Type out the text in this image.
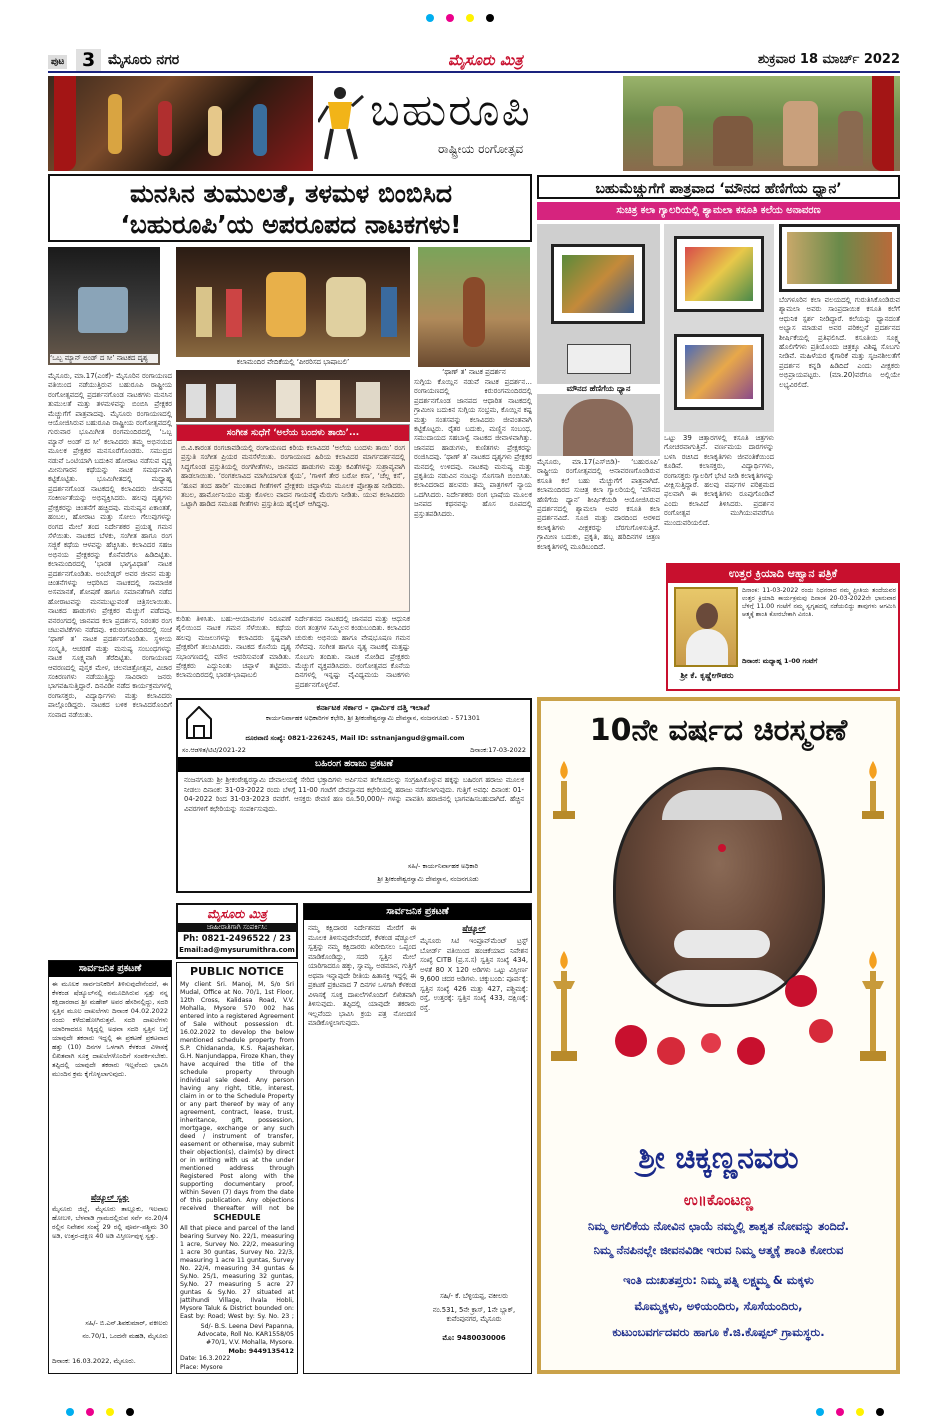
ಪುಟ 3 ಮೈಸೂರು ನಗರ	ಮೈಸೂರು ಮಿತ್ರ	ಶುಕ್ರವಾರ 18 ಮಾರ್ಚ್ 2022
ಬಹುರೂಪಿ
ರಾಷ್ಟ್ರೀಯ ರಂಗೋತ್ಸವ
ಮನಸಿನ ತುಮುಲತೆ, ತಳಮಳ ಬಿಂಬಿಸಿದ
‘ಬಹುರೂಪಿ’ಯ ಅಪರೂಪದ ನಾಟಕಗಳು!
‘ಒಬ್ಬ ಮ್ಯಾನ್ ಅಂಡ್ ದ ಸೀ’ ನಾಟಕದ ದೃಶ್ಯ	ಕಲಾಮಂದಿರ ವೇದಿಕೆಯಲ್ಲಿ ‘ಪೀರರಿಸದ ಭಾಷಾಬಲಿ’
‘ಥಾಣ್ ತ’ ನಾಟಕ ಪ್ರದರ್ಶನ
ಮೈಸೂರು, ಮಾ.17(ಎಂಕೆ)- ಮೈಸೂರಿನ ರಂಗಾಯಣದ ವತಿಯಿಂದ ನಡೆಯುತ್ತಿರುವ ಬಹುರೂಪಿ ರಾಷ್ಟ್ರೀಯ ರಂಗೋತ್ಸವದಲ್ಲಿ ಪ್ರದರ್ಶನಗೊಂಡ ನಾಟಕಗಳು ಮನಸಿನ ತುಮುಲತೆ ಮತ್ತು ತಳಮಳವನ್ನು ಬಿಂಬಿಸಿ ಪ್ರೇಕ್ಷಕರ ಮೆಚ್ಚುಗೆಗೆ ಪಾತ್ರವಾದವು. ಮೈಸೂರು ರಂಗಾಯಣದಲ್ಲಿ ಆಯೋಜಿಸಿರುವ ಬಹುರೂಪಿ ರಾಷ್ಟ್ರೀಯ ರಂಗೋತ್ಸವದಲ್ಲಿ ಗುರುವಾರ ಭೂಮಿಗೀತ ರಂಗಮಂದಿರದಲ್ಲಿ ‘ಒಬ್ಬ ಮ್ಯಾನ್ ಅಂಡ್ ದ ಸೀ’ ಕಲಾವಿದರು ತಮ್ಮ ಅಭಿನಯದ ಮೂಲಕ ಪ್ರೇಕ್ಷಕರ ಮನಸೂರೆಗೊಂಡರು. ಸಮುದ್ರದ ನಡುವೆ ಒಂಟಿಯಾಗಿ ಬದುಕಿನ ಹೋರಾಟ ನಡೆಸುವ ವೃದ್ಧ ಮೀನುಗಾರನ ಕಥೆಯನ್ನು ನಾಟಕ ಸಮರ್ಥವಾಗಿ ಕಟ್ಟಿಕೊಟ್ಟಿತು. ಭೂಮಿಗೀತದಲ್ಲಿ ಮಧ್ಯಾಹ್ನ ಪ್ರದರ್ಶನಗೊಂಡ ನಾಟಕದಲ್ಲಿ ಕಲಾವಿದರು ಜೀವನದ ಸಂಕೀರ್ಣತೆಯನ್ನು ಅಭಿವ್ಯಕ್ತಿಸಿದರು. ಹಲವು ದೃಶ್ಯಗಳು ಪ್ರೇಕ್ಷಕರನ್ನು ಚಿಂತನೆಗೆ ಹಚ್ಚಿದವು. ಮನುಷ್ಯನ ಏಕಾಂತತೆ, ಹಂಬಲ, ಹೋರಾಟ ಮತ್ತು ಸೋಲು ಗೆಲುವುಗಳನ್ನು ರಂಗದ ಮೇಲೆ ತಂದ ನಿರ್ದೇಶಕರ ಪ್ರಯತ್ನ ಗಮನ ಸೆಳೆಯಿತು. ನಾಟಕದ ಬೆಳಕು, ಸಂಗೀತ ಹಾಗೂ ರಂಗ ಸಜ್ಜಿಕೆ ಕಥೆಯ ಆಳವನ್ನು ಹೆಚ್ಚಿಸಿತು. ಕಲಾವಿದರ ಸಹಜ ಅಭಿನಯ ಪ್ರೇಕ್ಷಕರನ್ನು ಕೊನೆವರೆಗೂ ಹಿಡಿದಿಟ್ಟಿತು. ಕಲಾಮಂದಿರದಲ್ಲಿ ‘ಭಾರತ ಭಾಗ್ಯವಿಧಾತ’ ನಾಟಕ ಪ್ರದರ್ಶನಗೊಂಡಿತು. ಅಂಬೇಡ್ಕರ್ ಅವರ ಜೀವನ ಮತ್ತು ಚಿಂತನೆಗಳನ್ನು ಆಧರಿಸಿದ ನಾಟಕದಲ್ಲಿ ಸಾಮಾಜಿಕ ಅಸಮಾನತೆ, ಶೋಷಣೆ ಹಾಗೂ ಸಮಾನತೆಗಾಗಿ ನಡೆದ ಹೋರಾಟವನ್ನು ಮನಮುಟ್ಟುವಂತೆ ಚಿತ್ರಿಸಲಾಯಿತು. ನಾಟಕದ ಹಾಡುಗಳು ಪ್ರೇಕ್ಷಕರ ಮೆಚ್ಚುಗೆ ಪಡೆದವು. ವನರಂಗದಲ್ಲಿ ಜಾನಪದ ಕಲಾ ಪ್ರದರ್ಶನ, ನಿರಂತರ ರಂಗ ಚಟುವಟಿಕೆಗಳು ನಡೆದವು. ಕಿರುರಂಗಮಂದಿರದಲ್ಲಿ ಸಂಜೆ ‘ಥಾಣ್ ತ’ ನಾಟಕ ಪ್ರದರ್ಶನಗೊಂಡಿತು. ಸ್ಥಳೀಯ ಸಂಸ್ಕೃತಿ, ಆಚರಣೆ ಮತ್ತು ಮನುಷ್ಯ ಸಂಬಂಧಗಳನ್ನು ನಾಟಕ ಸೂಕ್ಷ್ಮವಾಗಿ ತೆರೆದಿಟ್ಟಿತು. ರಂಗಾಯಣದ ಆವರಣದಲ್ಲಿ ಪುಸ್ತಕ ಮೇಳ, ಚಲನಚಿತ್ರೋತ್ಸವ, ವಿಚಾರ ಸಂಕಿರಣಗಳು ನಡೆಯುತ್ತಿದ್ದು ಸಾವಿರಾರು ಜನರು ಭಾಗವಹಿಸುತ್ತಿದ್ದಾರೆ. ದಿನವಿಡೀ ನಡೆದ ಕಾರ್ಯಕ್ರಮಗಳಲ್ಲಿ ರಂಗಾಸಕ್ತರು, ವಿದ್ಯಾರ್ಥಿಗಳು ಮತ್ತು ಕಲಾವಿದರು ಪಾಲ್ಗೊಂಡಿದ್ದರು. ನಾಟಕದ ಬಳಿಕ ಕಲಾವಿದರೊಂದಿಗೆ ಸಂವಾದ ನಡೆಯಿತು.
ಸಂಗೀತ ಸುಧೆಗೆ ‘ಅಲೆಯ ಬಂದಳು ತಾಯಿ’...
ಬಿ.ವಿ.ಕಾರಂತ ರಂಗಚಾವಡಿಯಲ್ಲಿ ರಂಗಾಯಣದ ಕಿರಿಯ ಕಲಾವಿದರ ‘ಅಲೆಯ ಬಂದಳು ತಾಯಿ’ ರಂಗ ಪ್ರಸ್ತುತಿ ಸಂಗೀತ ಪ್ರಿಯರ ಮನಸೆಳೆಯಿತು. ರಂಗಾಯಣದ ಹಿರಿಯ ಕಲಾವಿದರ ಮಾರ್ಗದರ್ಶನದಲ್ಲಿ ಸಿದ್ಧಗೊಂಡ ಪ್ರಸ್ತುತಿಯಲ್ಲಿ ರಂಗಗೀತೆಗಳು, ಜಾನಪದ ಹಾಡುಗಳು ಮತ್ತು ಕವಿತೆಗಳನ್ನು ಸುಶ್ರಾವ್ಯವಾಗಿ ಹಾಡಲಾಯಿತು. ‘ರಂಗಕಲಾವಿದ ಮಾಗಿಯಾಗುತ ಕೈಯ’, ‘ಗಾಳಿಗೆ ತೇರ ಬರೋ ಕಸಾ’, ‘ಚೆಲ್ಲ ಕಸೆ’, ‘ಹೂವ ತಂದ ಹಾರೀ’ ಮುಂತಾದ ಗೀತೆಗಳಿಗೆ ಪ್ರೇಕ್ಷಕರು ಚಪ್ಪಾಳೆಯ ಮೂಲಕ ಪ್ರೋತ್ಸಾಹ ನೀಡಿದರು. ತಬಲ, ಹಾರ್ಮೋನಿಯಂ ಮತ್ತು ಕೊಳಲು ವಾದನ ಗಾಯನಕ್ಕೆ ಮೆರುಗು ನೀಡಿತು. ಯುವ ಕಲಾವಿದರು ಒಟ್ಟಾಗಿ ಹಾಡಿದ ಸಮೂಹ ಗೀತೆಗಳು ಪ್ರಸ್ತುತಿಯ ಹೈಲೈಟ್ ಆಗಿದ್ದವು.
ಸುಗ್ಗಿಯ ಕೊಯ್ಲಿನ ನಡುವೆ ನಾಟಕ ಪ್ರದರ್ಶನ... ರಂಗಾಯಣದಲ್ಲಿ ಕಿರುರಂಗಮಂದಿರದಲ್ಲಿ ಪ್ರದರ್ಶನಗೊಂಡ ಜಾನಪದ ಆಧಾರಿತ ನಾಟಕದಲ್ಲಿ ಗ್ರಾಮೀಣ ಬದುಕಿನ ಸುಗ್ಗಿಯ ಸಂಭ್ರಮ, ಕೊಯ್ಲಿನ ಕಷ್ಟ ಮತ್ತು ಸಂತಸವನ್ನು ಕಲಾವಿದರು ಜೀವಂತವಾಗಿ ಕಟ್ಟಿಕೊಟ್ಟರು. ರೈತರ ಬದುಕು, ಮಣ್ಣಿನ ಸಂಬಂಧ, ಸಮುದಾಯದ ಸಹಬಾಳ್ವೆ ನಾಟಕದ ಜೀವಾಳವಾಗಿತ್ತು. ಜಾನಪದ ಹಾಡುಗಳು, ಕುಣಿತಗಳು ಪ್ರೇಕ್ಷಕರನ್ನು ರಂಜಿಸಿದವು. ‘ಥಾಣ್ ತ’ ನಾಟಕದ ದೃಶ್ಯಗಳು ಪ್ರೇಕ್ಷಕರ ಮನದಲ್ಲಿ ಉಳಿದವು. ನಾಟಕವು ಮನುಷ್ಯ ಮತ್ತು ಪ್ರಕೃತಿಯ ನಡುವಿನ ನಂಟನ್ನು ಸೊಗಸಾಗಿ ಬಿಂಬಿಸಿತು. ಕಲಾವಿದರಾದ ಹಲವರು ತಮ್ಮ ಪಾತ್ರಗಳಿಗೆ ನ್ಯಾಯ ಒದಗಿಸಿದರು. ನಿರ್ದೇಶಕರು ರಂಗ ಭಾಷೆಯ ಮೂಲಕ ಜನಪದ ಕಥನವನ್ನು ಹೊಸ ರೂಪದಲ್ಲಿ ಪ್ರಸ್ತುತಪಡಿಸಿದರು.
ಕುರಿತು ತಿಳಿಸಿತು. ಬಹು-ಆಯಾಮಗಳ ನಿರೂಪಣೆ ಶೈಲಿಯಿಂದ ನಾಟಕ ಗಮನ ಸೆಳೆಯಿತು. ಕಥೆಯ ಹಲವು ಮಜಲುಗಳನ್ನು ಕಲಾವಿದರು ಸ್ಪಷ್ಟವಾಗಿ ಪ್ರೇಕ್ಷಕರಿಗೆ ತಲುಪಿಸಿದರು. ನಾಟಕದ ಕೊನೆಯ ದೃಶ್ಯ ಸಭಾಂಗಣದಲ್ಲಿ ಮೌನ ಆವರಿಸುವಂತೆ ಮಾಡಿತು. ಪ್ರೇಕ್ಷಕರು ಎದ್ದುನಿಂತು ಚಪ್ಪಾಳೆ ತಟ್ಟಿದರು. ಕಲಾಮಂದಿರದಲ್ಲಿ ಭಾರತ-ಭಾಷಾಬಲಿ
ನಿರ್ದೇಶನದ ನಾಟಕದಲ್ಲಿ ಜಾನಪದ ಮತ್ತು ಆಧುನಿಕ ರಂಗ ತಂತ್ರಗಳ ಸಮ್ಮಿಲನ ಕಂಡುಬಂದಿತು. ಕಲಾವಿದರ ಚುರುಕು ಅಭಿನಯ ಹಾಗೂ ವೇಷಭೂಷಣ ಗಮನ ಸೆಳೆದವು. ಸಂಗೀತ ಹಾಗೂ ನೃತ್ಯ ನಾಟಕಕ್ಕೆ ಮತ್ತಷ್ಟು ಸೊಬಗು ತಂದಿತು. ನಾಟಕ ನೋಡಿದ ಪ್ರೇಕ್ಷಕರು ಮೆಚ್ಚುಗೆ ವ್ಯಕ್ತಪಡಿಸಿದರು. ರಂಗೋತ್ಸವದ ಕೊನೆಯ ದಿನಗಳಲ್ಲಿ ಇನ್ನಷ್ಟು ವೈವಿಧ್ಯಮಯ ನಾಟಕಗಳು ಪ್ರದರ್ಶನಗೊಳ್ಳಲಿವೆ.
ಕರ್ನಾಟಕ ಸರ್ಕಾರ - ಧಾರ್ಮಿಕ ದತ್ತಿ ಇಲಾಖೆ
ಕಾರ್ಯನಿರ್ವಾಹಕ ಅಧಿಕಾರಿಗಳ ಕಛೇರಿ, ಶ್ರೀ ಶ್ರೀಕಂಠೇಶ್ವರಸ್ವಾಮಿ ದೇವಸ್ಥಾನ, ನಂಜನಗೂಡು - 571301
ದೂರವಾಣಿ ಸಂಖ್ಯೆ: 0821-226245, Mail ID: sstnanjangud@gmail.com
ಸಂ.ಆಡಳಿತ/ಟಿಟಿ/2021-22	ದಿನಾಂಕ:17-03-2022
ಬಹಿರಂಗ ಹರಾಜು ಪ್ರಕಟಣೆ
ನಂಜನಗೂಡು ಶ್ರೀ ಶ್ರೀಕಂಠೇಶ್ವರಸ್ವಾಮಿ ದೇವಾಲಯಕ್ಕೆ ಸೇರಿದ ಭಕ್ತಾದಿಗಳು ಅರ್ಪಿಸುವ ತಲೆಕೂದಲನ್ನು ಸಂಗ್ರಹಿಸಿಕೊಳ್ಳುವ ಹಕ್ಕನ್ನು ಬಹಿರಂಗ ಹರಾಜು ಮೂಲಕ ನೀಡಲು ದಿನಾಂಕ: 31-03-2022 ರಂದು ಬೆಳಿಗ್ಗೆ 11-00 ಗಂಟೆಗೆ ದೇವಸ್ಥಾನದ ಕಛೇರಿಯಲ್ಲಿ ಹರಾಜು ನಡೆಸಲಾಗುವುದು. ಗುತ್ತಿಗೆ ಅವಧಿ: ದಿನಾಂಕ: 01-04-2022 ರಿಂದ 31-03-2023 ರವರೆಗೆ. ಆಸಕ್ತರು ಠೇವಣಿ ಹಣ ರೂ.50,000/- ಗಳನ್ನು ಪಾವತಿಸಿ ಹರಾಜಿನಲ್ಲಿ ಭಾಗವಹಿಸಬಹುದಾಗಿದೆ. ಹೆಚ್ಚಿನ ವಿವರಗಳಿಗೆ ಕಛೇರಿಯನ್ನು ಸಂಪರ್ಕಿಸುವುದು.
ಸಹಿ/- ಕಾರ್ಯನಿರ್ವಾಹಕ ಅಧಿಕಾರಿ
ಶ್ರೀ ಶ್ರೀಕಂಠೇಶ್ವರಸ್ವಾಮಿ ದೇವಸ್ಥಾನ, ನಂಜನಗೂಡು
ಮೈಸೂರು ಮಿತ್ರ
ಜಾಹೀರಾತಿಗಾಗಿ ಸಂಪರ್ಕಿಸಿ:
Ph: 0821-2496522 / 23
Email:ad@mysurumithra.com
PUBLIC NOTICE
My client Sri. Manoj, M, S/o Sri Mudal, Office at No. 70/1, 1st Floor, 12th Cross, Kalidasa Road, V.V. Mohalla, Mysore 570 002 has entered into a registered Agreement of Sale without possession dt. 16.02.2022 to develop the below mentioned schedule property from S.P. Chidananda, K.S. Rajashekar, G.H. Nanjundappa, Firoze Khan, they have acquired the title of the schedule property through individual sale deed. Any person having any right, title, interest, claim in or to the Schedule Property or any part thereof by way of any agreement, contract, lease, trust, inheritance, gift, possession, mortgage, exchange or any such deed / instrument of transfer, easement or otherwise, may submit their objection(s), claim(s) by direct or in writing with us at the under mentioned address through Registered Post along with the supporting documentary proof, within Seven (7) days from the date of this publication. Any objections received thereafter will not be
SCHEDULE
All that piece and parcel of the land bearing Survey No. 22/1, measuring 1 acre, Survey No. 22/2, measuring 1 acre 30 guntas, Survey No. 22/3, measuring 1 acre 11 guntas, Survey No. 22/4, measuring 34 guntas & Sy.No. 25/1, measuring 32 guntas, Sy.No. 27 measuring 5 acre 27 guntas & Sy.No. 27 situated at Jattihundi Village, Ilvala Hobli, Mysore Taluk & District bounded on: East by: Road; West by: Sy. No. 23 ;
Sd/- B.S. Leena Devi Papanna, Advocate, Roll No. KAR1558/05 #70/1, V.V. Mohalla, Mysore.
Mob: 9449135412
Date: 16.3.2022
Place: Mysore
ಸಾರ್ವಜನಿಕ ಪ್ರಕಟಣೆ
ಈ ಮೂಲಕ ಸಾರ್ವಜನಿಕರಿಗೆ ತಿಳಿಸುವುದೇನೆಂದರೆ, ಈ ಕೆಳಕಂಡ ಷೆಡ್ಯೂಲ್‌ನಲ್ಲಿ ನಮೂದಿಸಿರುವ ಸ್ವತ್ತು ನನ್ನ ಕಕ್ಷಿದಾರರಾದ ಶ್ರೀ ಮಹೇಶ್ ಅವರ ಹೆಸರಿನಲ್ಲಿದ್ದು, ಸದರಿ ಸ್ವತ್ತಿನ ಮೂಲ ದಾಖಲೆಗಳು ದಿನಾಂಕ 04.02.2022 ರಂದು ಕಳೆದುಹೋಗಿರುತ್ತವೆ. ಸದರಿ ದಾಖಲೆಗಳು ಯಾರಿಗಾದರೂ ಸಿಕ್ಕಿದ್ದಲ್ಲಿ ಅಥವಾ ಸದರಿ ಸ್ವತ್ತಿನ ಬಗ್ಗೆ ಯಾವುದೇ ತಕರಾರು ಇದ್ದಲ್ಲಿ ಈ ಪ್ರಕಟಣೆ ಪ್ರಕಟವಾದ ಹತ್ತು (10) ದಿನಗಳ ಒಳಗಾಗಿ ಕೆಳಕಂಡ ವಿಳಾಸಕ್ಕೆ ಲಿಖಿತವಾಗಿ ಸೂಕ್ತ ದಾಖಲೆಗಳೊಂದಿಗೆ ಸಂಪರ್ಕಿಸಬೇಕು. ತಪ್ಪಿದಲ್ಲಿ ಯಾವುದೇ ತಕರಾರು ಇಲ್ಲವೆಂದು ಭಾವಿಸಿ ಮುಂದಿನ ಕ್ರಮ ಕೈಗೊಳ್ಳಲಾಗುವುದು.
ಷೆಡ್ಯೂಲ್ ಸ್ವತ್ತು
ಮೈಸೂರು ಜಿಲ್ಲೆ, ಮೈಸೂರು ತಾಲ್ಲೂಕು, ಇಲವಾಲ ಹೋಬಳಿ, ಬೆಳವಾಡಿ ಗ್ರಾಮದಲ್ಲಿರುವ ಸರ್ವೆ ನಂ.20/4 ರಲ್ಲಿನ ನಿವೇಶನ ಸಂಖ್ಯೆ 29 ರಲ್ಲಿ ಪೂರ್ವ-ಪಶ್ಚಿಮ 30 ಅಡಿ, ಉತ್ತರ-ದಕ್ಷಿಣ 40 ಅಡಿ ವಿಸ್ತೀರ್ಣವುಳ್ಳ ಸ್ವತ್ತು.
ಸಹಿ/- ಬಿ.ಎನ್.ಶಿವಕುಮಾರ್, ವಕೀಲರು
ನಂ.70/1, ಒಂದನೇ ಮಹಡಿ, ಮೈಸೂರು
ದಿನಾಂಕ: 16.03.2022, ಮೈಸೂರು.
ಸಾರ್ವಜನಿಕ ಪ್ರಕಟಣೆ
ನಮ್ಮ ಕಕ್ಷಿದಾರರ ನಿರ್ದೇಶನದ ಮೇರೆಗೆ ಈ ಮೂಲಕ ತಿಳಿಸುವುದೇನೆಂದರೆ, ಕೆಳಕಂಡ ಷೆಡ್ಯೂಲ್ ಸ್ವತ್ತನ್ನು ನಮ್ಮ ಕಕ್ಷಿದಾರರು ಖರೀದಿಸಲು ಒಪ್ಪಂದ ಮಾಡಿಕೊಂಡಿದ್ದು, ಸದರಿ ಸ್ವತ್ತಿನ ಮೇಲೆ ಯಾರಿಗಾದರೂ ಹಕ್ಕು, ಸ್ವಾಮ್ಯ, ಅಡಮಾನ, ಗುತ್ತಿಗೆ ಅಥವಾ ಇನ್ನಾವುದೇ ರೀತಿಯ ಹಿತಾಸಕ್ತಿ ಇದ್ದಲ್ಲಿ ಈ ಪ್ರಕಟಣೆ ಪ್ರಕಟವಾದ 7 ದಿನಗಳ ಒಳಗಾಗಿ ಕೆಳಕಂಡ ವಿಳಾಸಕ್ಕೆ ಸೂಕ್ತ ದಾಖಲೆಗಳೊಂದಿಗೆ ಲಿಖಿತವಾಗಿ ತಿಳಿಸುವುದು. ತಪ್ಪಿದಲ್ಲಿ ಯಾವುದೇ ತಕರಾರು ಇಲ್ಲವೆಂದು ಭಾವಿಸಿ ಕ್ರಯ ಪತ್ರ ನೋಂದಣಿ ಮಾಡಿಕೊಳ್ಳಲಾಗುವುದು.
ಷೆಡ್ಯೂಲ್
ಮೈಸೂರು ಸಿಟಿ ಇಂಪ್ರೂವ್‌ಮೆಂಟ್ ಟ್ರಸ್ಟ್ ಬೋರ್ಡ್ ವತಿಯಿಂದ ಹಂಚಿಕೆಯಾದ ನಿವೇಶನ ಸಂಖ್ಯೆ CITB (ಪ್ರ.ಸ.ಸ) ಸ್ವತ್ತಿನ ಸಂಖ್ಯೆ 434, ಅಳತೆ 80 X 120 ಅಡಿಗಳು ಒಟ್ಟು ವಿಸ್ತೀರ್ಣ 9,600 ಚದರ ಅಡಿಗಳು. ಚಕ್ಕುಬಂದಿ: ಪೂರ್ವಕ್ಕೆ: ಸ್ವತ್ತಿನ ಸಂಖ್ಯೆ 426 ಮತ್ತು 427, ಪಶ್ಚಿಮಕ್ಕೆ: ರಸ್ತೆ, ಉತ್ತರಕ್ಕೆ: ಸ್ವತ್ತಿನ ಸಂಖ್ಯೆ 433, ದಕ್ಷಿಣಕ್ಕೆ: ರಸ್ತೆ.
ಸಹಿ/- ಕೆ. ಬೆಳ್ಳಿಯಪ್ಪ, ವಕೀಲರು
ನಂ.531, 5ನೇ ಕ್ರಾಸ್, 1ನೇ ಬ್ಲಾಕ್, ಕುವೆಂಪುನಗರ, ಮೈಸೂರು
ಮೊ: 9480030006
ಬಹುಮೆಚ್ಚುಗೆಗೆ ಪಾತ್ರವಾದ ‘ಮೌನದ ಹೆಣಿಗೆಯ ಧ್ಯಾನ’
ಸುಚಿತ್ರ ಕಲಾ ಗ್ಯಾಲರಿಯಲ್ಲಿ ಶ್ಯಾಮಲಾ ಕಸೂತಿ ಕಲೆಯ ಅನಾವರಣ
ಮೌನದ ಹೆಣಿಗೆಯ ಧ್ಯಾನ
ಮೈಸೂರು, ಮಾ.17(ಎಸ್‌ಬಿಡಿ)- ‘ಬಹುರೂಪಿ’ ರಾಷ್ಟ್ರೀಯ ರಂಗೋತ್ಸವದಲ್ಲಿ ಆನಾವರಣಗೊಂಡಿರುವ ಕಸೂತಿ ಕಲೆ ಬಹು ಮೆಚ್ಚುಗೆಗೆ ಪಾತ್ರವಾಗಿದೆ. ಕಲಾಮಂದಿರದ ಸುಚಿತ್ರ ಕಲಾ ಗ್ಯಾಲರಿಯಲ್ಲಿ ‘ಮೌನದ ಹೆಣಿಗೆಯ ಧ್ಯಾನ’ ಶೀರ್ಷಿಕೆಯಡಿ ಆಯೋಜಿಸಿರುವ ಪ್ರದರ್ಶನದಲ್ಲಿ ಶ್ಯಾಮಲಾ ಅವರ ಕಸೂತಿ ಕಲಾ ಪ್ರದರ್ಶನವಿದೆ. ಸೂಜಿ ಮತ್ತು ದಾರದಿಂದ ಅರಳಿದ ಕಲಾಕೃತಿಗಳು ವೀಕ್ಷಕರನ್ನು ಬೆರಗುಗೊಳಿಸುತ್ತಿವೆ. ಗ್ರಾಮೀಣ ಬದುಕು, ಪ್ರಕೃತಿ, ಹಬ್ಬ ಹರಿದಿನಗಳ ಚಿತ್ರಣ ಕಲಾಕೃತಿಗಳಲ್ಲಿ ಮೂಡಿಬಂದಿದೆ.
ಒಟ್ಟು 39 ಚಿತ್ತಾರಗಳಲ್ಲಿ ಕಸೂತಿ ಚಿತ್ರಗಳು ಗೋಚರವಾಗುತ್ತಿವೆ. ವರ್ಣಮಯ ದಾರಗಳನ್ನು ಬಳಸಿ ರಚಿಸಿದ ಕಲಾಕೃತಿಗಳು ಜೀವಂತಿಕೆಯಿಂದ ಕೂಡಿವೆ. ಕಲಾಸಕ್ತರು, ವಿದ್ಯಾರ್ಥಿಗಳು, ರಂಗಾಸಕ್ತರು ಗ್ಯಾಲರಿಗೆ ಭೇಟಿ ನೀಡಿ ಕಲಾಕೃತಿಗಳನ್ನು ವೀಕ್ಷಿಸುತ್ತಿದ್ದಾರೆ. ಹಲವು ವರ್ಷಗಳ ಪರಿಶ್ರಮದ ಫಲವಾಗಿ ಈ ಕಲಾಕೃತಿಗಳು ರೂಪುಗೊಂಡಿವೆ ಎಂದು ಕಲಾವಿದೆ ತಿಳಿಸಿದರು. ಪ್ರದರ್ಶನ ರಂಗೋತ್ಸವ ಮುಗಿಯುವವರೆಗೂ ಮುಂದುವರಿಯಲಿದೆ.
ಬೆಂಗಳೂರಿನ ಕಲಾ ವಲಯದಲ್ಲಿ ಗುರುತಿಸಿಕೊಂಡಿರುವ ಶ್ಯಾಮಲಾ ಅವರು ಸಾಂಪ್ರದಾಯಿಕ ಕಸೂತಿ ಕಲೆಗೆ ಆಧುನಿಕ ಸ್ಪರ್ಶ ನೀಡಿದ್ದಾರೆ. ಕಲೆಯನ್ನು ಧ್ಯಾನದಂತೆ ಅಭ್ಯಾಸ ಮಾಡುವ ಅವರ ಪರಿಕಲ್ಪನೆ ಪ್ರದರ್ಶನದ ಶೀರ್ಷಿಕೆಯಲ್ಲಿ ಪ್ರತಿಫಲಿಸಿದೆ. ಕಸೂತಿಯ ಸೂಕ್ಷ್ಮ ಹೊಲಿಗೆಗಳು ಪ್ರತಿಯೊಂದು ಚಿತ್ರಕ್ಕೂ ವಿಶಿಷ್ಟ ಸೊಬಗು ನೀಡಿವೆ. ಮಹಿಳೆಯರ ಕೈಗಾರಿಕೆ ಮತ್ತು ಸೃಜನಶೀಲತೆಗೆ ಪ್ರದರ್ಶನ ಕನ್ನಡಿ ಹಿಡಿದಿದೆ ಎಂದು ವೀಕ್ಷಕರು ಅಭಿಪ್ರಾಯಪಟ್ಟರು. (ಮಾ.20)ವರೆಗೂ ಅಲ್ಲಿಯೇ ಲಭ್ಯವಿರಲಿದೆ.
ಉತ್ತರ ಕ್ರಿಯಾದಿ ಆಹ್ವಾನ ಪತ್ರಿಕೆ
ದಿನಾಂಕ: 11-03-2022 ರಂದು ನಿಧನರಾದ ನಮ್ಮ ಪ್ರೀತಿಯ ತಂದೆಯವರ ಉತ್ತರ ಕ್ರಿಯಾದಿ ಕಾರ್ಯಕ್ರಮವು ದಿನಾಂಕ 20-03-2022ನೇ ಭಾನುವಾರ ಬೆಳಿಗ್ಗೆ 11.00 ಗಂಟೆಗೆ ನಮ್ಮ ಸ್ವಗೃಹದಲ್ಲಿ ನಡೆಯಲಿದ್ದು ತಾವುಗಳು ಆಗಮಿಸಿ ಆತ್ಮಕ್ಕೆ ಶಾಂತಿ ಕೋರಬೇಕಾಗಿ ವಿನಂತಿ.
ದಿನಾಂಕ: ಮಧ್ಯಾಹ್ನ 1-00 ಗಂಟೆಗೆ
ಶ್ರೀ ಕೆ. ಕೃಷ್ಣೇಗೌಡರು
10ನೇ ವರ್ಷದ ಚಿರಸ್ಮರಣೆ
ಶ್ರೀ ಚಿಕ್ಕಣ್ಣನವರು
ಉ॥ಕೊಂಟಣ್ಣ
ನಿಮ್ಮ ಅಗಲಿಕೆಯ ನೋವಿನ ಛಾಯೆ ನಮ್ಮಲ್ಲಿ ಶಾಶ್ವತ ನೋವನ್ನು ತಂದಿದೆ.
ನಿಮ್ಮ ನೆನಪಿನಲ್ಲೇ ಜೀವನವಿಡೀ ಇರುವ ನಿಮ್ಮ ಆತ್ಮಕ್ಕೆ ಶಾಂತಿ ಕೋರುವ
ಇಂತಿ ದುಃಖತಪ್ತರು: ನಿಮ್ಮ ಪತ್ನಿ ಲಕ್ಷ್ಮಮ್ಮ & ಮಕ್ಕಳು
ಮೊಮ್ಮಕ್ಕಳು, ಅಳಿಯಂದಿರು, ಸೊಸೆಯಂದಿರು,
ಕುಟುಂಬವರ್ಗದವರು ಹಾಗೂ ಕೆ.ಜಿ.ಕೊಪ್ಪಲ್ ಗ್ರಾಮಸ್ಥರು.
